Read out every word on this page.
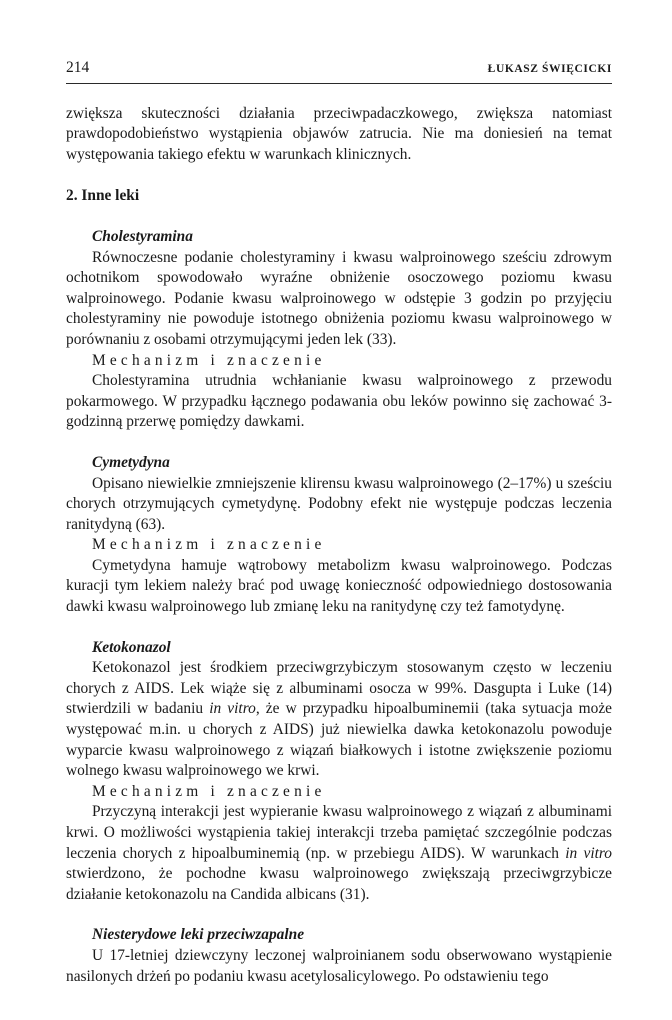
214	ŁUKASZ ŚWIĘCICKI

zwiększa skuteczności działania przeciwpadaczkowego, zwiększa natomiast prawdopodobieństwo wystąpienia objawów zatrucia. Nie ma doniesień na temat występowania takiego efektu w warunkach klinicznych.

2. Inne leki

Cholestyramina

Równoczesne podanie cholestyraminy i kwasu walproinowego sześciu zdrowym ochotnikom spowodowało wyraźne obniżenie osoczowego poziomu kwasu walproinowego. Podanie kwasu walproinowego w odstępie 3 godzin po przyjęciu cholestyraminy nie powoduje istotnego obniżenia poziomu kwasu walproinowego w porównaniu z osobami otrzymującymi jeden lek (33).

Mechanizm i znaczenie

Cholestyramina utrudnia wchłanianie kwasu walproinowego z przewodu pokarmowego. W przypadku łącznego podawania obu leków powinno się zachować 3-godzinną przerwę pomiędzy dawkami.

Cymetydyna

Opisano niewielkie zmniejszenie klirensu kwasu walproinowego (2–17%) u sześciu chorych otrzymujących cymetydynę. Podobny efekt nie występuje podczas leczenia ranitydyną (63).

Mechanizm i znaczenie

Cymetydyna hamuje wątrobowy metabolizm kwasu walproinowego. Podczas kuracji tym lekiem należy brać pod uwagę konieczność odpowiedniego dostosowania dawki kwasu walproinowego lub zmianę leku na ranitydynę czy też famotydynę.

Ketokonazol

Ketokonazol jest środkiem przeciwgrzybiczym stosowanym często w leczeniu chorych z AIDS. Lek wiąże się z albuminami osocza w 99%. Dasgupta i Luke (14) stwierdzili w badaniu in vitro, że w przypadku hipoalbuminemii (taka sytuacja może występować m.in. u chorych z AIDS) już niewielka dawka ketokonazolu powoduje wyparcie kwasu walproinowego z wiązań białkowych i istotne zwiększenie poziomu wolnego kwasu walproinowego we krwi.

Mechanizm i znaczenie

Przyczyną interakcji jest wypieranie kwasu walproinowego z wiązań z albuminami krwi. O możliwości wystąpienia takiej interakcji trzeba pamiętać szczególnie podczas leczenia chorych z hipoalbuminemią (np. w przebiegu AIDS). W warunkach in vitro stwierdzono, że pochodne kwasu walproinowego zwiększają przeciwgrzybicze działanie ketokonazolu na Candida albicans (31).

Niesterydowe leki przeciwzapalne

U 17-letniej dziewczyny leczonej walproinianem sodu obserwowano wystąpienie nasilonych drżeń po podaniu kwasu acetylosalicylowego. Po odstawieniu tego
